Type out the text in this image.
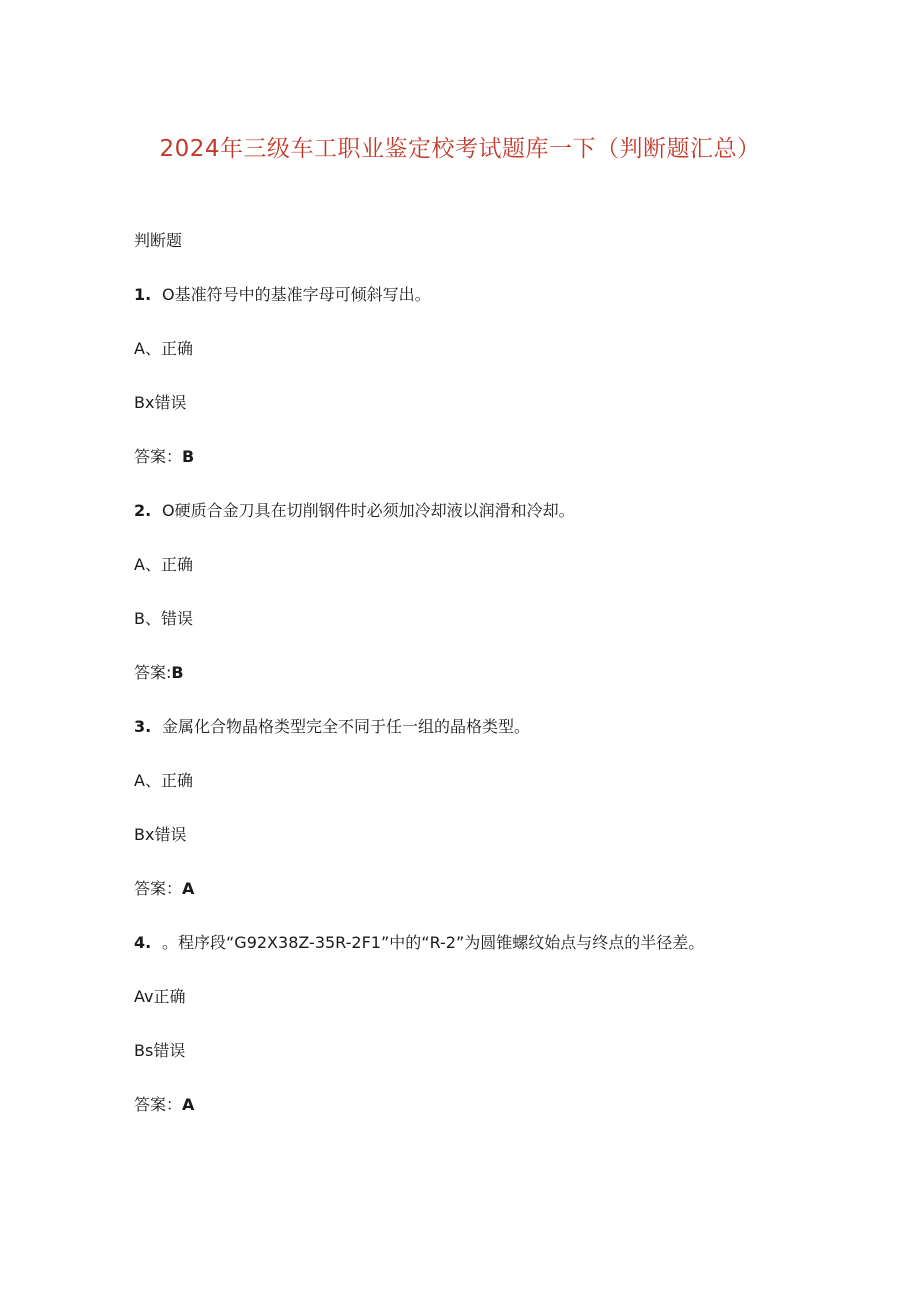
2024年三级车工职业鉴定校考试题库一下（判断题汇总）
判断题
1. O基准符号中的基准字母可倾斜写出。
A、正确
Bx错误
答案：B
2. O硬质合金刀具在切削钢件时必须加冷却液以润滑和冷却。
A、正确
B、错误
答案:B
3. 金属化合物晶格类型完全不同于任一组的晶格类型。
A、正确
Bx错误
答案：A
4. 。程序段“G92X38Z-35R-2F1”中的“R-2”为圆锥螺纹始点与终点的半径差。
Av正确
Bs错误
答案：A
